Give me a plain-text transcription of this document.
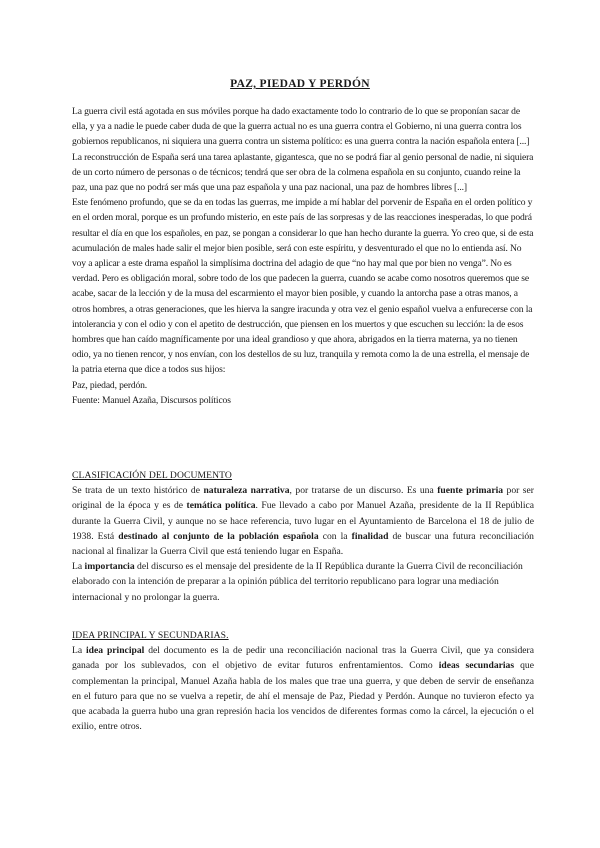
PAZ, PIEDAD Y PERDÓN

La guerra civil está agotada en sus móviles porque ha dado exactamente todo lo contrario de lo que se proponían sacar de ella, y ya a nadie le puede caber duda de que la guerra actual no es una guerra contra el Gobierno, ni una guerra contra los gobiernos republicanos, ni siquiera una guerra contra un sistema político: es una guerra contra la nación española entera [...]

La reconstrucción de España será una tarea aplastante, gigantesca, que no se podrá fiar al genio personal de nadie, ni siquiera de un corto número de personas o de técnicos; tendrá que ser obra de la colmena española en su conjunto, cuando reine la paz, una paz que no podrá ser más que una paz española y una paz nacional, una paz de hombres libres [...]

Este fenómeno profundo, que se da en todas las guerras, me impide a mí hablar del porvenir de España en el orden político y en el orden moral, porque es un profundo misterio, en este país de las sorpresas y de las reacciones inesperadas, lo que podrá resultar el día en que los españoles, en paz, se pongan a considerar lo que han hecho durante la guerra. Yo creo que, si de esta acumulación de males hade salir el mejor bien posible, será con este espíritu, y desventurado el que no lo entienda así. No voy a aplicar a este drama español la simplísima doctrina del adagio de que “no hay mal que por bien no venga”. No es verdad. Pero es obligación moral, sobre todo de los que padecen la guerra, cuando se acabe como nosotros queremos que se acabe, sacar de la lección y de la musa del escarmiento el mayor bien posible, y cuando la antorcha pase a otras manos, a otros hombres, a otras generaciones, que les hierva la sangre iracunda y otra vez el genio español vuelva a enfurecerse con la intolerancia y con el odio y con el apetito de destrucción, que piensen en los muertos y que escuchen su lección: la de esos hombres que han caído magníficamente por una ideal grandioso y que ahora, abrigados en la tierra materna, ya no tienen odio, ya no tienen rencor, y nos envían, con los destellos de su luz, tranquila y remota como la de una estrella, el mensaje de la patria eterna que dice a todos sus hijos:

Paz, piedad, perdón.

Fuente: Manuel Azaña, Discursos políticos

CLASIFICACIÓN DEL DOCUMENTO

Se trata de un texto histórico de naturaleza narrativa, por tratarse de un discurso. Es una fuente primaria por ser original de la época y es de temática política. Fue llevado a cabo por Manuel Azaña, presidente de la II República durante la Guerra Civil, y aunque no se hace referencia, tuvo lugar en el Ayuntamiento de Barcelona el 18 de julio de 1938. Está destinado al conjunto de la población española con la finalidad de buscar una futura reconciliación nacional al finalizar la Guerra Civil que está teniendo lugar en España.

La importancia del discurso es el mensaje del presidente de la II República durante la Guerra Civil de reconciliación elaborado con la intención de preparar a la opinión pública del territorio republicano para lograr una mediación internacional y no prolongar la guerra.

IDEA PRINCIPAL Y SECUNDARIAS.

La idea principal del documento es la de pedir una reconciliación nacional tras la Guerra Civil, que ya considera ganada por los sublevados, con el objetivo de evitar futuros enfrentamientos. Como ideas secundarias que complementan la principal, Manuel Azaña habla de los males que trae una guerra, y que deben de servir de enseñanza en el futuro para que no se vuelva a repetir, de ahí el mensaje de Paz, Piedad y Perdón. Aunque no tuvieron efecto ya que acabada la guerra hubo una gran represión hacia los vencidos de diferentes formas como la cárcel, la ejecución o el exilio, entre otros.
